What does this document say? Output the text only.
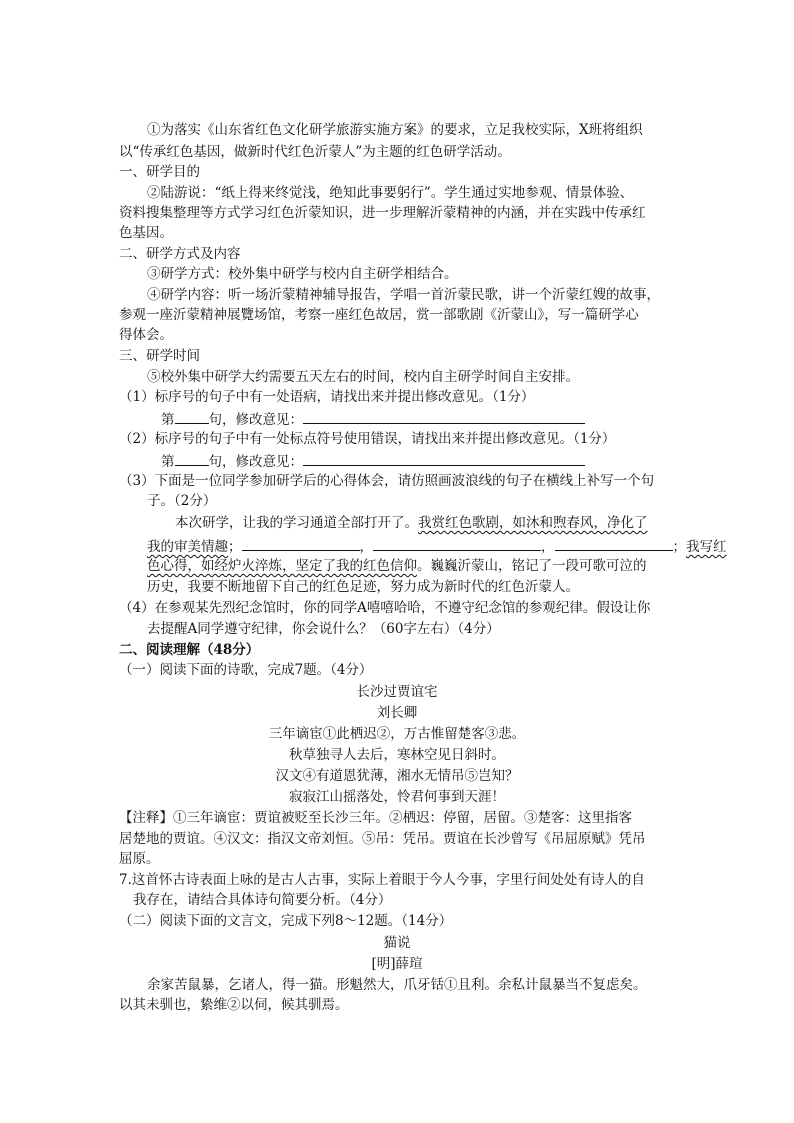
①为落实《山东省红色文化研学旅游实施方案》的要求，立足我校实际，X班将组织
以“传承红色基因，做新时代红色沂蒙人”为主题的红色研学活动。
一、研学目的
②陆游说：“纸上得来终觉浅，绝知此事要躬行”。学生通过实地参观、情景体验、
资料搜集整理等方式学习红色沂蒙知识，进一步理解沂蒙精神的内涵，并在实践中传承红
色基因。
二、研学方式及内容
③研学方式：校外集中研学与校内自主研学相结合。
④研学内容：听一场沂蒙精神辅导报告，学唱一首沂蒙民歌，讲一个沂蒙红嫂的故事，
参观一座沂蒙精神展覽场馆，考察一座红色故居，赏一部歌剧《沂蒙山》，写一篇研学心
得体会。
三、研学时间
⑤校外集中研学大约需要五天左右的时间，校内自主研学时间自主安排。
（1）标序号的句子中有一处语病，请找出来并提出修改意见。（1分）
第	句，修改意见：
（2）标序号的句子中有一处标点符号使用错误，请找出来并提出修改意见。（1分）
第	句，修改意见：
（3）下面是一位同学参加研学后的心得体会，请仿照画波浪线的句子在横线上补写一个句
子。（2分）
本次研学，让我的学习通道全部打开了。我赏红色歌剧，如沐和煦春风，净化了
我的审美情趣；	，	，	；我写红
色心得，如经炉火淬炼，坚定了我的红色信仰。巍巍沂蒙山，铭记了一段可歌可泣的
历史，我要不断地留下自己的红色足迹，努力成为新时代的红色沂蒙人。
（4）在参观某先烈纪念馆时，你的同学A嘻嘻哈哈，不遵守纪念馆的参观纪律。假设让你
去提醒A同学遵守纪律，你会说什么？（60字左右）（4分）
二、阅读理解（48分）
（一）阅读下面的诗歌，完成7题。（4分）
长沙过贾谊宅
刘长卿
三年谪宦①此栖迟②，万古惟留楚客③悲。
秋草独寻人去后，寒林空见日斜时。
汉文④有道恩犹薄，湘水无情吊⑤岂知？
寂寂江山摇落处，怜君何事到天涯！
【注释】①三年谪宦：贾谊被贬至长沙三年。②栖迟：停留，居留。③楚客：这里指客
居楚地的贾谊。④汉文：指汉文帝刘恒。⑤吊：凭吊。贾谊在长沙曾写《吊屈原赋》凭吊
屈原。
7.这首怀古诗表面上咏的是古人古事，实际上着眼于今人今事，字里行间处处有诗人的自
我存在，请结合具体诗句简要分析。（4分）
（二）阅读下面的文言文，完成下列8～12题。（14分）
猫说
[明]薛瑄
余家苦鼠暴，乞诸人，得一猫。形魁然大，爪牙铦①且利。余私计鼠暴当不复虑矣。
以其未驯也，絷维②以伺，候其驯焉。
